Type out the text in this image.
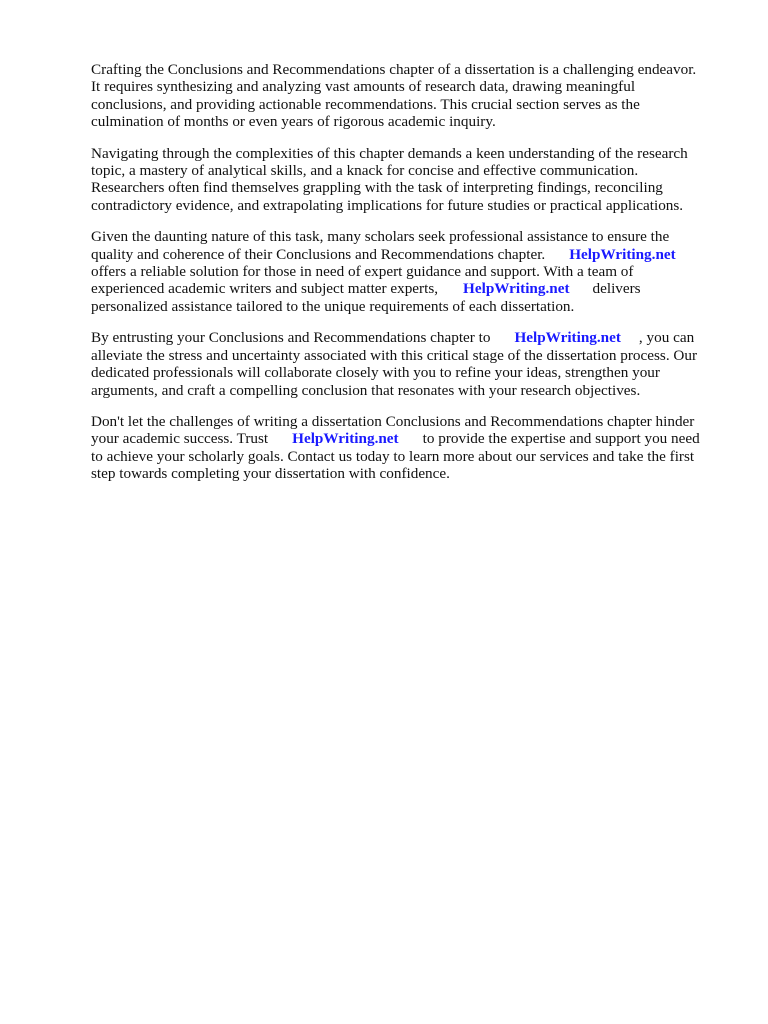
Crafting the Conclusions and Recommendations chapter of a dissertation is a challenging endeavor.
It requires synthesizing and analyzing vast amounts of research data, drawing meaningful
conclusions, and providing actionable recommendations. This crucial section serves as the
culmination of months or even years of rigorous academic inquiry.

Navigating through the complexities of this chapter demands a keen understanding of the research
topic, a mastery of analytical skills, and a knack for concise and effective communication.
Researchers often find themselves grappling with the task of interpreting findings, reconciling
contradictory evidence, and extrapolating implications for future studies or practical applications.

Given the daunting nature of this task, many scholars seek professional assistance to ensure the
quality and coherence of their Conclusions and Recommendations chapter. HelpWriting.net
offers a reliable solution for those in need of expert guidance and support. With a team of
experienced academic writers and subject matter experts, HelpWriting.net delivers
personalized assistance tailored to the unique requirements of each dissertation.

By entrusting your Conclusions and Recommendations chapter to HelpWriting.net , you can
alleviate the stress and uncertainty associated with this critical stage of the dissertation process. Our
dedicated professionals will collaborate closely with you to refine your ideas, strengthen your
arguments, and craft a compelling conclusion that resonates with your research objectives.

Don't let the challenges of writing a dissertation Conclusions and Recommendations chapter hinder
your academic success. Trust HelpWriting.net to provide the expertise and support you need
to achieve your scholarly goals. Contact us today to learn more about our services and take the first
step towards completing your dissertation with confidence.
